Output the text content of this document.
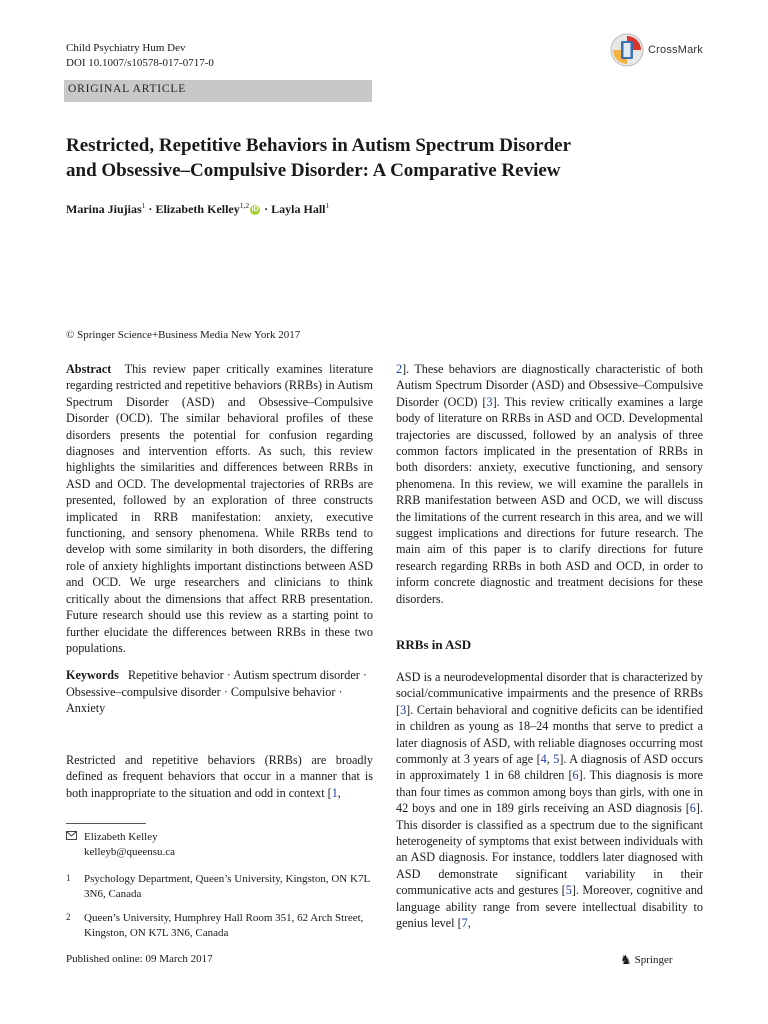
Child Psychiatry Hum Dev
DOI 10.1007/s10578-017-0717-0
CrossMark
ORIGINAL ARTICLE
Restricted, Repetitive Behaviors in Autism Spectrum Disorder
and Obsessive–Compulsive Disorder: A Comparative Review
Marina Jiujias$^1$ · Elizabeth Kelley$^{1,2}$ iD · Layla Hall$^1$
© Springer Science+Business Media New York 2017

Abstract This review paper critically examines literature regarding restricted and repetitive behaviors (RRBs) in Autism Spectrum Disorder (ASD) and Obsessive–Compulsive Disorder (OCD). The similar behavioral profiles of these disorders presents the potential for confusion regarding diagnoses and intervention efforts. As such, this review highlights the similarities and differences between RRBs in ASD and OCD. The developmental trajectories of RRBs are presented, followed by an exploration of three constructs implicated in RRB manifestation: anxiety, executive functioning, and sensory phenomena. While RRBs tend to develop with some similarity in both disorders, the differing role of anxiety highlights important distinctions between ASD and OCD. We urge researchers and clinicians to think critically about the dimensions that affect RRB presentation. Future research should use this review as a starting point to further elucidate the differences between RRBs in these two populations.

Keywords Repetitive behavior · Autism spectrum disorder · Obsessive–compulsive disorder · Compulsive behavior · Anxiety

Restricted and repetitive behaviors (RRBs) are broadly defined as frequent behaviors that occur in a manner that is both inappropriate to the situation and odd in context [1,
2]. These behaviors are diagnostically characteristic of both Autism Spectrum Disorder (ASD) and Obsessive–Compulsive Disorder (OCD) [3]. This review critically examines a large body of literature on RRBs in ASD and OCD. Developmental trajectories are discussed, followed by an analysis of three common factors implicated in the presentation of RRBs in both disorders: anxiety, executive functioning, and sensory phenomena. In this review, we will examine the parallels in RRB manifestation between ASD and OCD, we will discuss the limitations of the current research in this area, and we will suggest implications and directions for future research. The main aim of this paper is to clarify directions for future research regarding RRBs in both ASD and OCD, in order to inform concrete diagnostic and treatment decisions for these disorders.
RRBs in ASD
ASD is a neurodevelopmental disorder that is characterized by social/communicative impairments and the presence of RRBs [3]. Certain behavioral and cognitive deficits can be identified in children as young as 18–24 months that serve to predict a later diagnosis of ASD, with reliable diagnoses occurring most commonly at 3 years of age [4, 5]. A diagnosis of ASD occurs in approximately 1 in 68 children [6]. This diagnosis is more than four times as common among boys than girls, with one in 42 boys and one in 189 girls receiving an ASD diagnosis [6]. This disorder is classified as a spectrum due to the significant heterogeneity of symptoms that exist between individuals with an ASD diagnosis. For instance, toddlers later diagnosed with ASD demonstrate significant variability in their communicative acts and gestures [5]. Moreover, cognitive and language ability range from severe intellectual disability to genius level [7,
Elizabeth Kelley
kelleyb@queensu.ca
1	Psychology Department, Queen’s University, Kingston, ON K7L 3N6, Canada
2	Queen’s University, Humphrey Hall Room 351, 62 Arch Street, Kingston, ON K7L 3N6, Canada
Published online: 09 March 2017	♞ Springer
